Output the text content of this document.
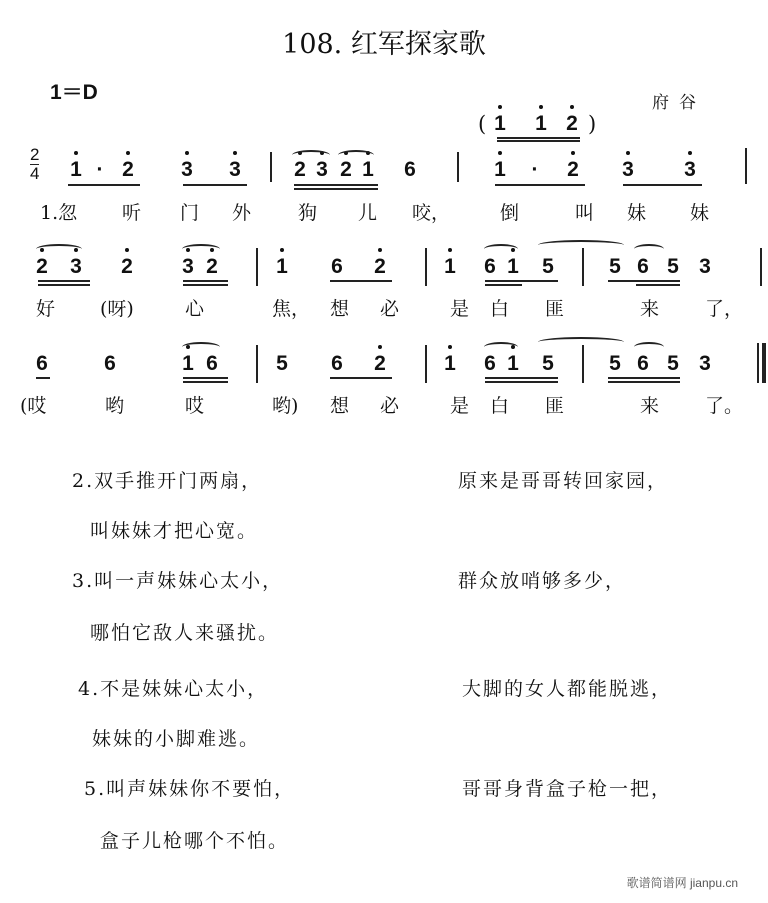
108. 红军探家歌
1＝D	府谷
$\frac{2}{4}$
(	)
歌谱简谱网 jianpu.cn
1 1 2
1 · 2 3 3	2 3 2 1 6	1 · 2 3 3
1.忽 听 门 外 狗 儿 咬，	倒	叫 妹 妹
2 3 2 3 2	1 6 2	1 6 1 5	5 6 5 3
好 (呀)	心	焦， 想 必	是 白 匪	来 了，
6	6	1 6	5 6 2	1 6 1 5	5 6 5 3
(哎	哟	哎	哟) 想 必	是 白 匪	来 了。
2.双手推开门两扇，	原来是哥哥转回家园，
叫妹妹才把心宽。
3.叫一声妹妹心太小，	群众放哨够多少，
哪怕它敌人来骚扰。
4.不是妹妹心太小，	大脚的女人都能脱逃，
妹妹的小脚难逃。
5.叫声妹妹你不要怕，	哥哥身背盒子枪一把，
盒子儿枪哪个不怕。
